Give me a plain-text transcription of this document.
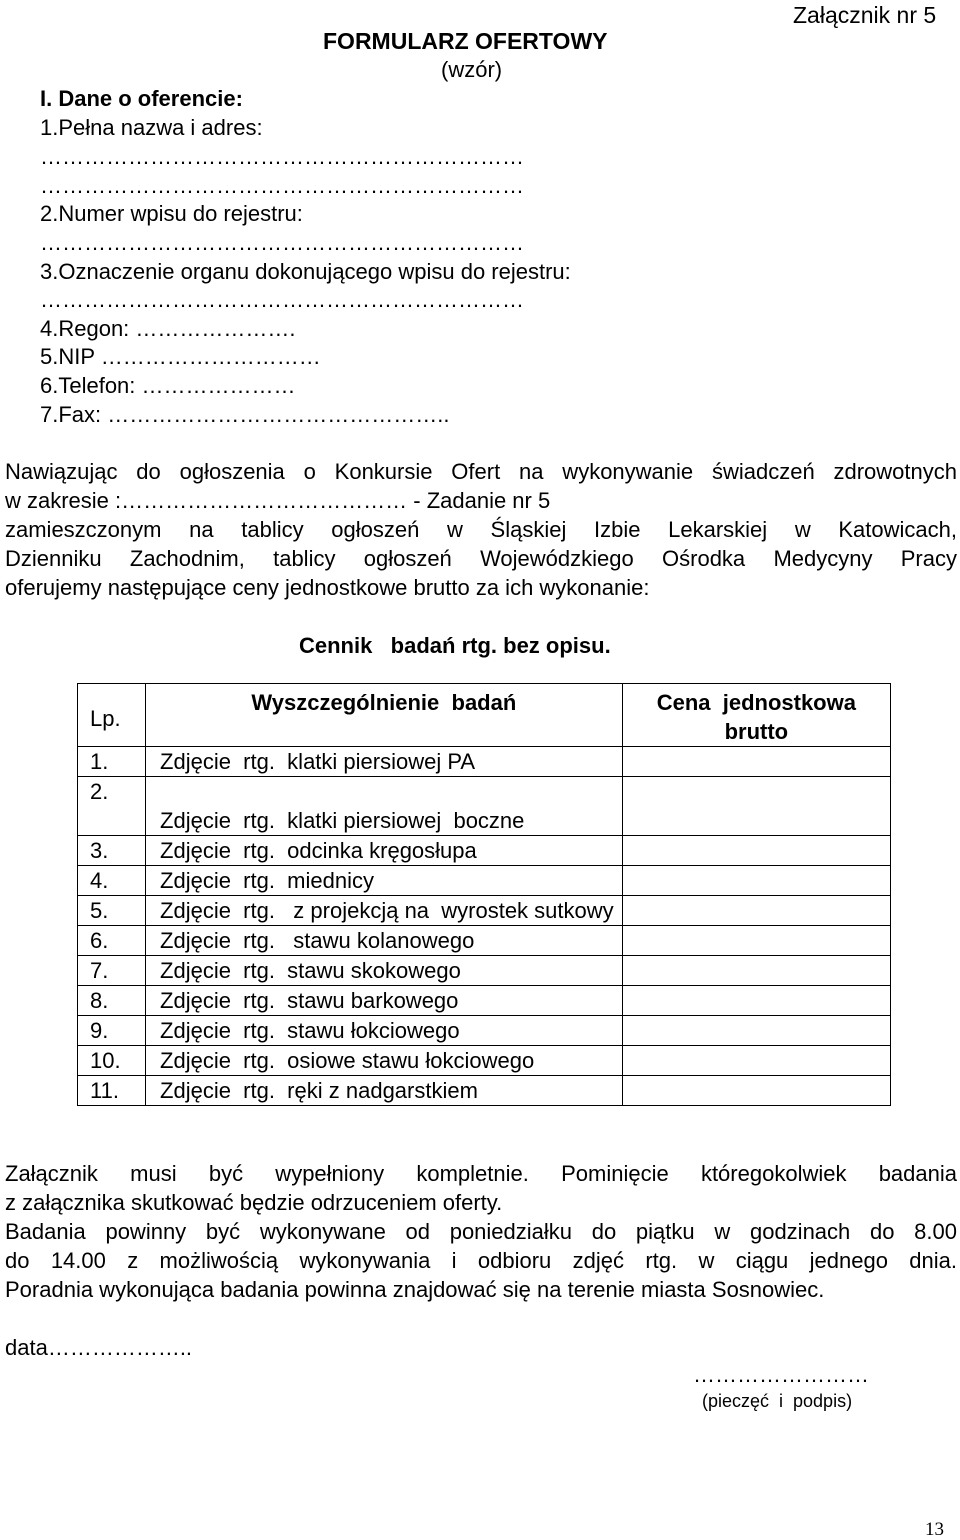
Załącznik nr 5
FORMULARZ OFERTOWY
(wzór)
I. Dane o oferencie:
1.Pełna nazwa i adres:
…………………………………………………………
…………………………………………………………
2.Numer wpisu do rejestru:
…………………………………………………………
3.Oznaczenie organu dokonującego wpisu do rejestru:
…………………………………………………………
4.Regon: ………………….
5.NIP …………………………
6.Telefon: …………………
7.Fax: ………………………………………..
Nawiązując do ogłoszenia o Konkursie Ofert na wykonywanie świadczeń zdrowotnych
w zakresie :………………………………… - Zadanie nr 5
zamieszczonym na tablicy ogłoszeń w Śląskiej Izbie Lekarskiej w Katowicach,
Dzienniku Zachodnim, tablicy ogłoszeń Wojewódzkiego Ośrodka Medycyny Pracy
oferujemy następujące ceny jednostkowe brutto za ich wykonanie:
Cennik   badań rtg. bez opisu.
Lp.	Wyszczególnienie  badań	Cena  jednostkowa
brutto

1.	Zdjęcie  rtg.  klatki piersiowej PA	
2.	Zdjęcie  rtg.  klatki piersiowej  boczne	
3.	Zdjęcie  rtg.  odcinka kręgosłupa	
4.	Zdjęcie  rtg.  miednicy	
5.	Zdjęcie  rtg.   z projekcją na  wyrostek sutkowy	
6.	Zdjęcie  rtg.   stawu kolanowego	
7.	Zdjęcie  rtg.  stawu skokowego	
8.	Zdjęcie  rtg.  stawu barkowego	
9.	Zdjęcie  rtg.  stawu łokciowego	
10.	Zdjęcie  rtg.  osiowe stawu łokciowego	
11.	Zdjęcie  rtg.  ręki z nadgarstkiem	
Załącznik musi być wypełniony kompletnie. Pominięcie któregokolwiek badania
z załącznika skutkować będzie odrzuceniem oferty.
Badania powinny być wykonywane od poniedziałku do piątku w godzinach do 8.00
do 14.00 z możliwością wykonywania i odbioru zdjęć rtg. w ciągu jednego dnia.
Poradnia wykonująca badania powinna znajdować się na terenie miasta Sosnowiec.
data………………..
……………………
(pieczęć  i  podpis)
13
